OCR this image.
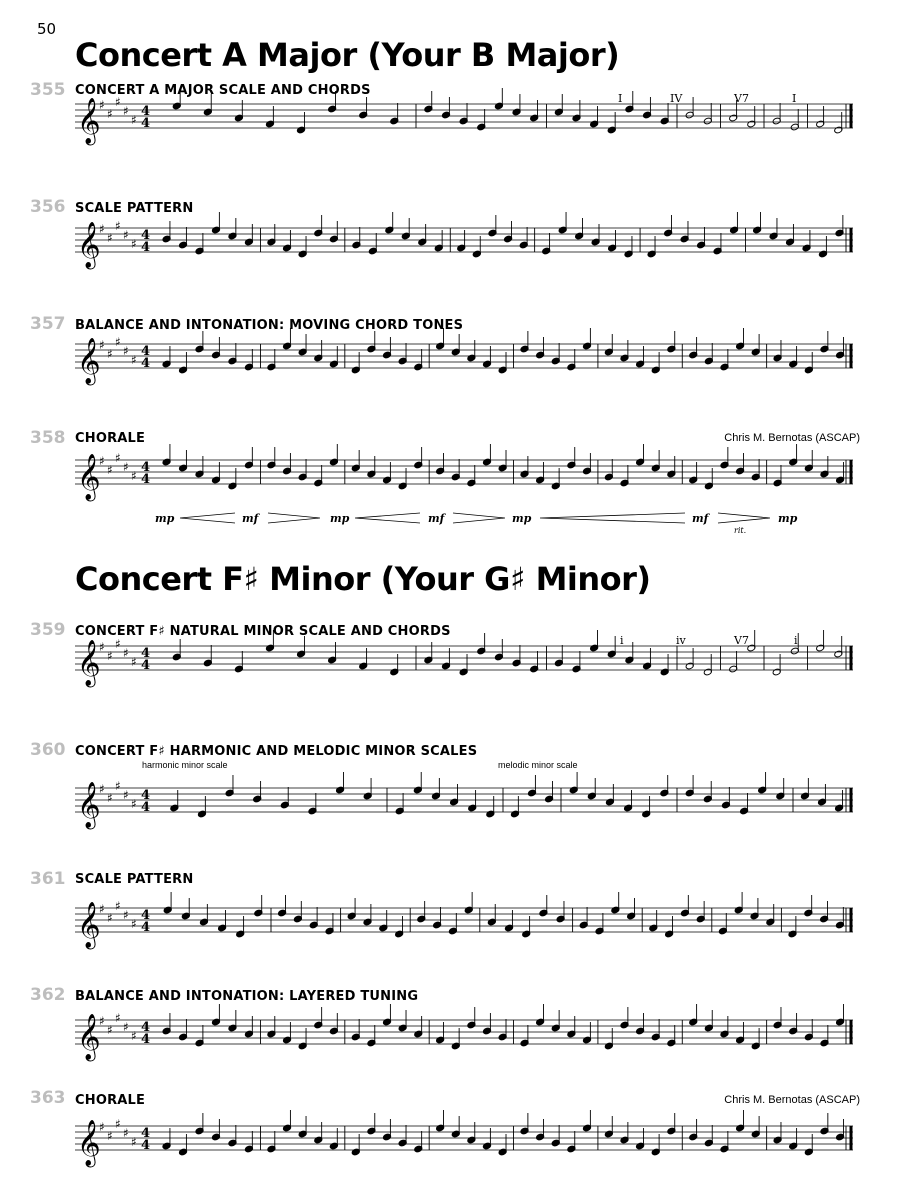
50
Concert A Major (Your B Major)
355 CONCERT A MAJOR SCALE AND CHORDS
𝄞
♯
♯
♯
♯
♯
4
4
356 SCALE PATTERN
𝄞
♯
♯
♯
♯
♯
4
4
357 BALANCE AND INTONATION: MOVING CHORD TONES
𝄞
♯
♯
♯
♯
♯
4
4
358 CHORALE	Chris M. Bernotas (ASCAP)
𝄞
♯
♯
♯
♯
♯
4
4
mp	mf	mp	mf	mp	mf	mp
rit.
Concert F♯ Minor (Your G♯ Minor)
359 CONCERT F♯ NATURAL MINOR SCALE AND CHORDS
𝄞
♯
♯
♯
♯
♯
4
4
360 CONCERT F♯ HARMONIC AND MELODIC MINOR SCALES
harmonic minor scale	melodic minor scale
𝄞
♯
♯
♯
♯
♯
4
4
361 SCALE PATTERN
𝄞
♯
♯
♯
♯
♯
4
4
362 BALANCE AND INTONATION: LAYERED TUNING
𝄞
♯
♯
♯
♯
♯
4
4
363 CHORALE	Chris M. Bernotas (ASCAP)
𝄞
♯
♯
♯
♯
♯
4
4
I	IV	V7	I
i	iv	V7	i
